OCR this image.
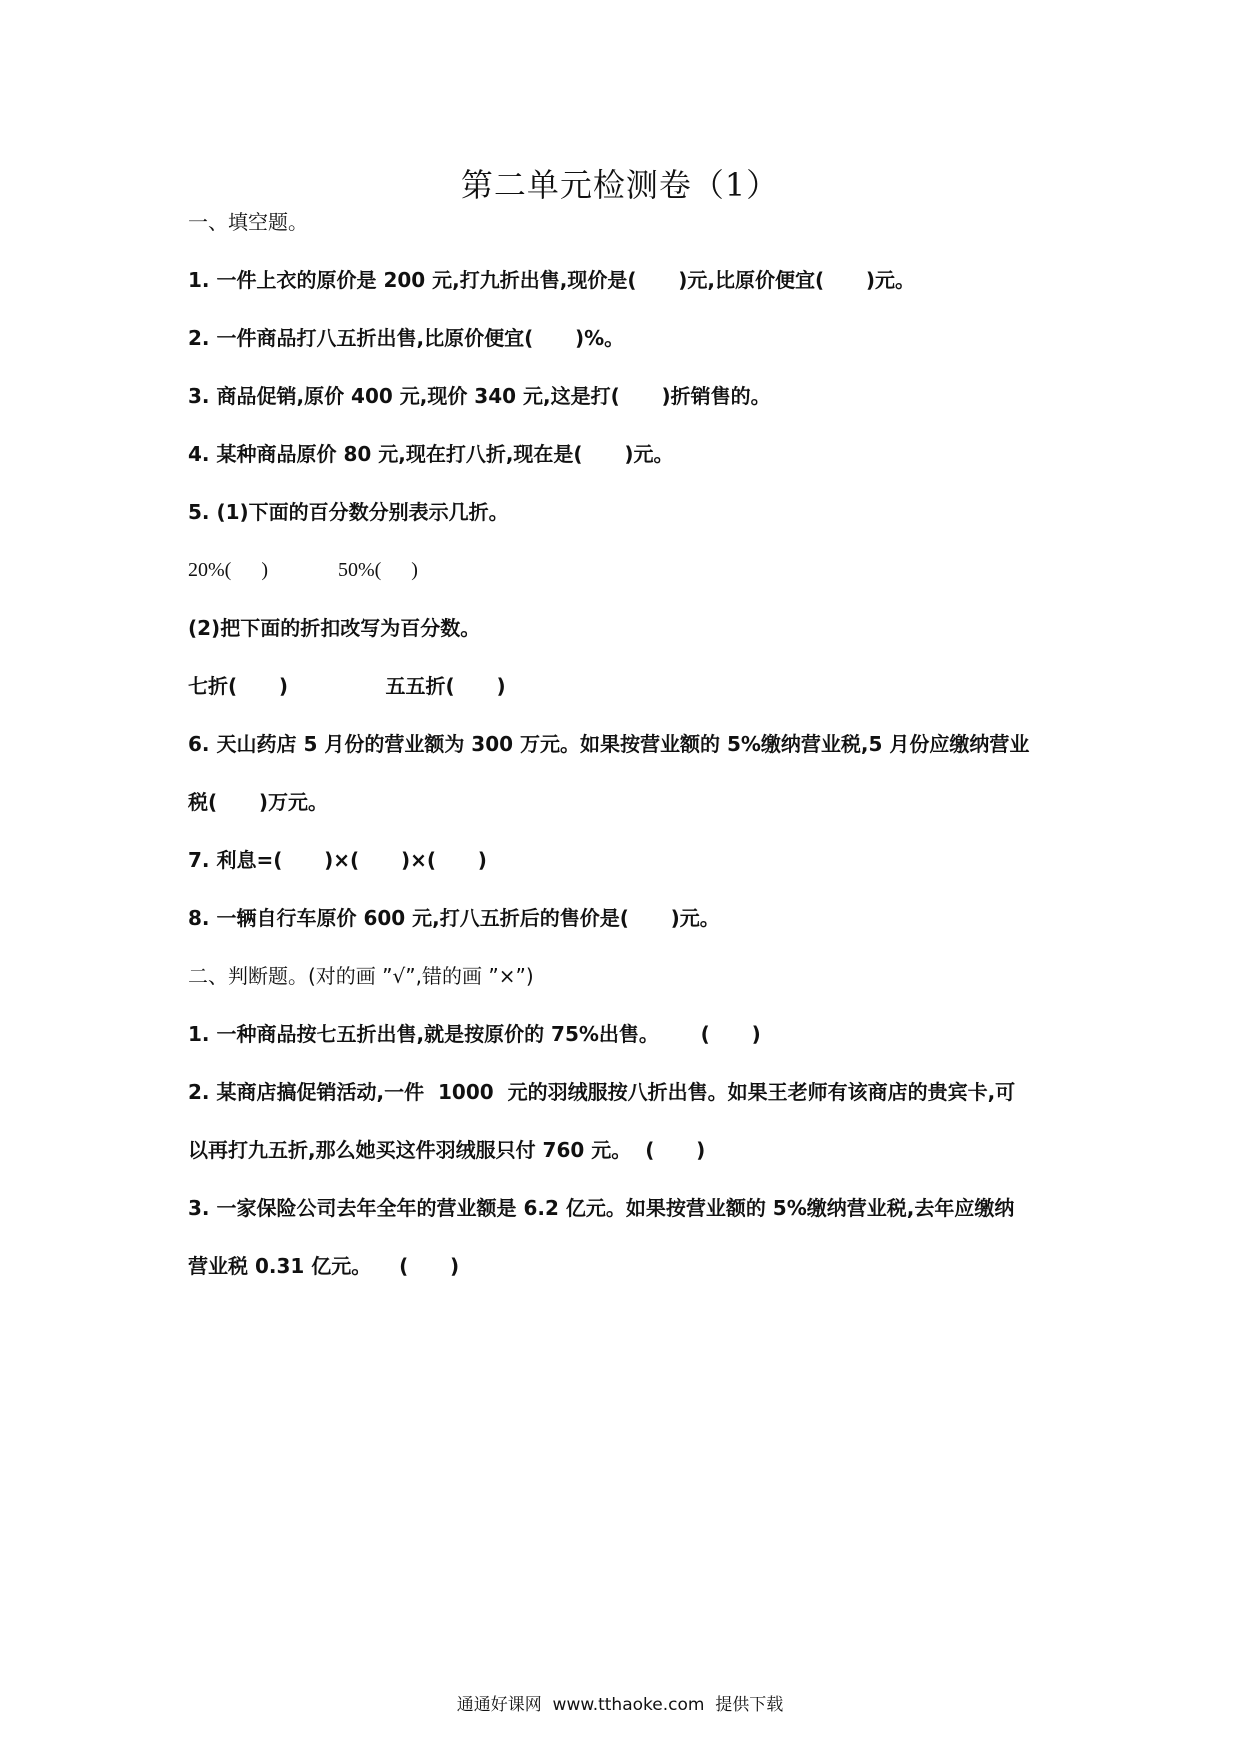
第二单元检测卷（1）
一、填空题。
1. 一件上衣的原价是 200 元,打九折出售,现价是(      )元,比原价便宜(      )元。
2. 一件商品打八五折出售,比原价便宜(      )%。
3. 商品促销,原价 400 元,现价 340 元,这是打(      )折销售的。
4. 某种商品原价 80 元,现在打八折,现在是(      )元。
5. (1)下面的百分数分别表示几折。
20%(      )              50%(      )
(2)把下面的折扣改写为百分数。
七折(      )              五五折(      )
6. 天山药店 5 月份的营业额为 300 万元。如果按营业额的 5%缴纳营业税,5 月份应缴纳营业
税(      )万元。
7. 利息=(      )×(      )×(      )
8. 一辆自行车原价 600 元,打八五折后的售价是(      )元。
二、判断题。(对的画 ”√”,错的画 ”×”)
1. 一种商品按七五折出售,就是按原价的 75%出售。      (      )
2. 某商店搞促销活动,一件  1000  元的羽绒服按八折出售。如果王老师有该商店的贵宾卡,可
以再打九五折,那么她买这件羽绒服只付 760 元。  (      )
3. 一家保险公司去年全年的营业额是 6.2 亿元。如果按营业额的 5%缴纳营业税,去年应缴纳
营业税 0.31 亿元。    (      )
通通好课网  www.tthaoke.com  提供下载
